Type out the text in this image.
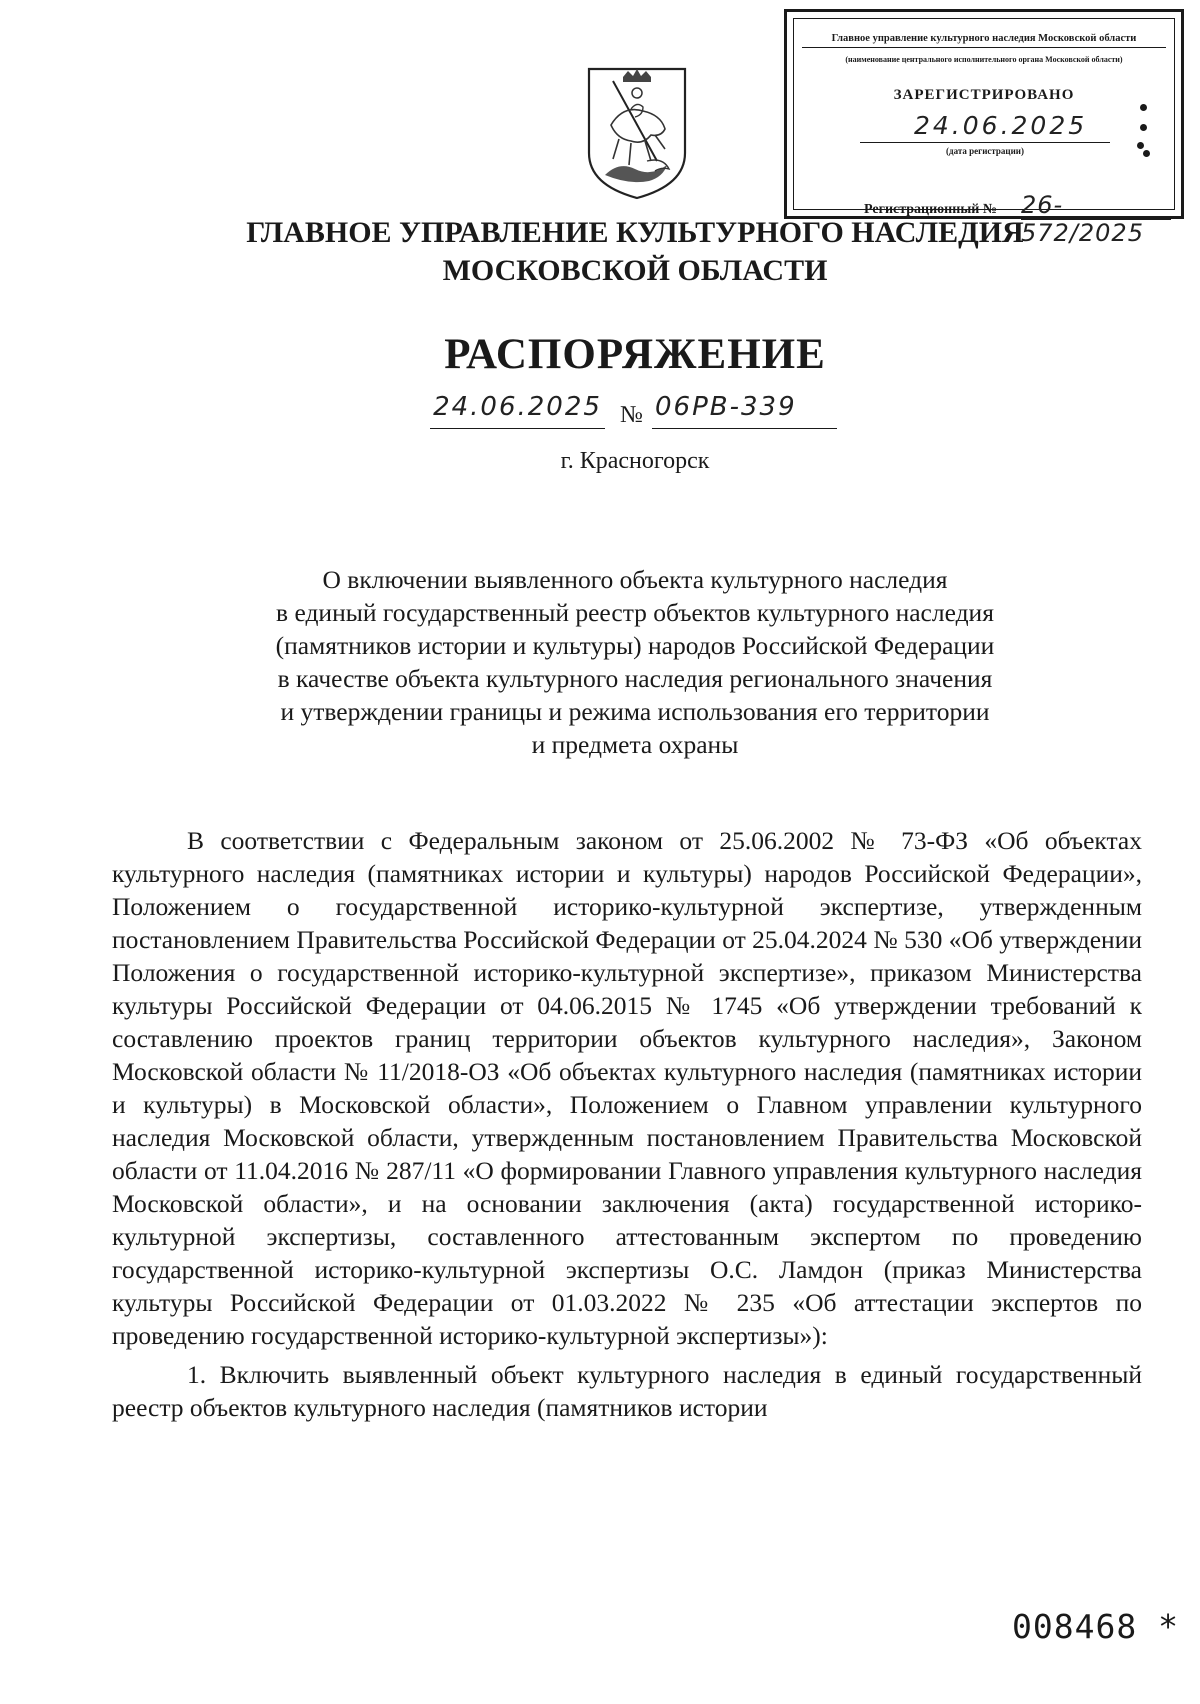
Главное управление культурного наследия Московской области
(наименование центрального исполнительного органа Московской области)
ЗАРЕГИСТРИРОВАНО
24.06.2025
(дата регистрации)
Регистрационный № 26-572/2025
ГЛАВНОЕ УПРАВЛЕНИЕ КУЛЬТУРНОГО НАСЛЕДИЯ
МОСКОВСКОЙ ОБЛАСТИ
РАСПОРЯЖЕНИЕ
24.06.2025 № 06РВ-339
г. Красногорск
О включении выявленного объекта культурного наследия
в единый государственный реестр объектов культурного наследия
(памятников истории и культуры) народов Российской Федерации
в качестве объекта культурного наследия регионального значения
и утверждении границы и режима использования его территории
и предмета охраны

В соответствии с Федеральным законом от 25.06.2002 № 73-ФЗ «Об объектах культурного наследия (памятниках истории и культуры) народов Российской Федерации», Положением о государственной историко-культурной экспертизе, утвержденным постановлением Правительства Российской Федерации от 25.04.2024 № 530 «Об утверждении Положения о государственной историко-культурной экспертизе», приказом Министерства культуры Российской Федерации от 04.06.2015 № 1745 «Об утверждении требований к составлению проектов границ территории объектов культурного наследия», Законом Московской области № 11/2018-ОЗ «Об объектах культурного наследия (памятниках истории и культуры) в Московской области», Положением о Главном управлении культурного наследия Московской области, утвержденным постановлением Правительства Московской области от 11.04.2016 № 287/11 «О формировании Главного управления культурного наследия Московской области», и на основании заключения (акта) государственной историко-культурной экспертизы, составленного аттестованным экспертом по проведению государственной историко-культурной экспертизы О.С. Ламдон (приказ Министерства культуры Российской Федерации от 01.03.2022 № 235 «Об аттестации экспертов по проведению государственной историко-культурной экспертизы»):

1. Включить выявленный объект культурного наследия в единый государственный реестр объектов культурного наследия (памятников истории

008468 *
